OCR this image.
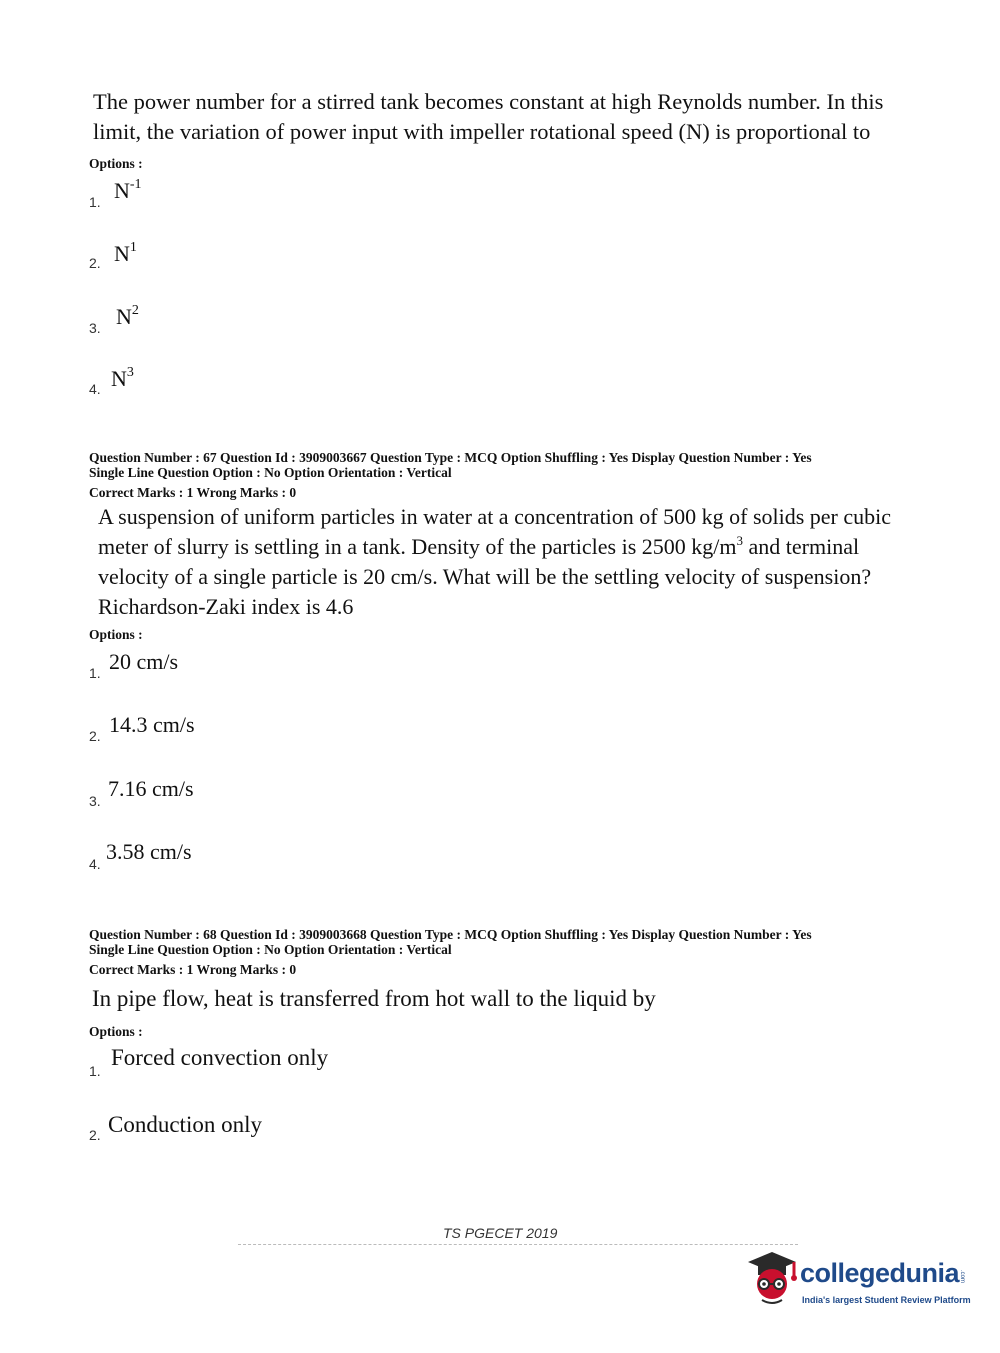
The power number for a stirred tank becomes constant at high Reynolds number. In this limit, the variation of power input with impeller rotational speed (N) is proportional to

Options :
1. $N^{-1}$
2. $N^1$
3. $N^2$
4. $N^3$
Question Number : 67 Question Id : 3909003667 Question Type : MCQ Option Shuffling : Yes Display Question Number : Yes
Single Line Question Option : No Option Orientation : Vertical
Correct Marks : 1 Wrong Marks : 0

A suspension of uniform particles in water at a concentration of 500 kg of solids per cubic meter of slurry is settling in a tank. Density of the particles is 2500 $kg/m^3$ and terminal velocity of a single particle is 20 cm/s. What will be the settling velocity of suspension? Richardson-Zaki index is 4.6

Options :
1. 20 cm/s
2. 14.3 cm/s
3. 7.16 cm/s
4. 3.58 cm/s
Question Number : 68 Question Id : 3909003668 Question Type : MCQ Option Shuffling : Yes Display Question Number : Yes
Single Line Question Option : No Option Orientation : Vertical
Correct Marks : 1 Wrong Marks : 0

In pipe flow, heat is transferred from hot wall to the liquid by

Options :
1.
Forced convection only
2. Conduction only
TS PGECET 2019
collegedunia .com
India's largest Student Review Platform
